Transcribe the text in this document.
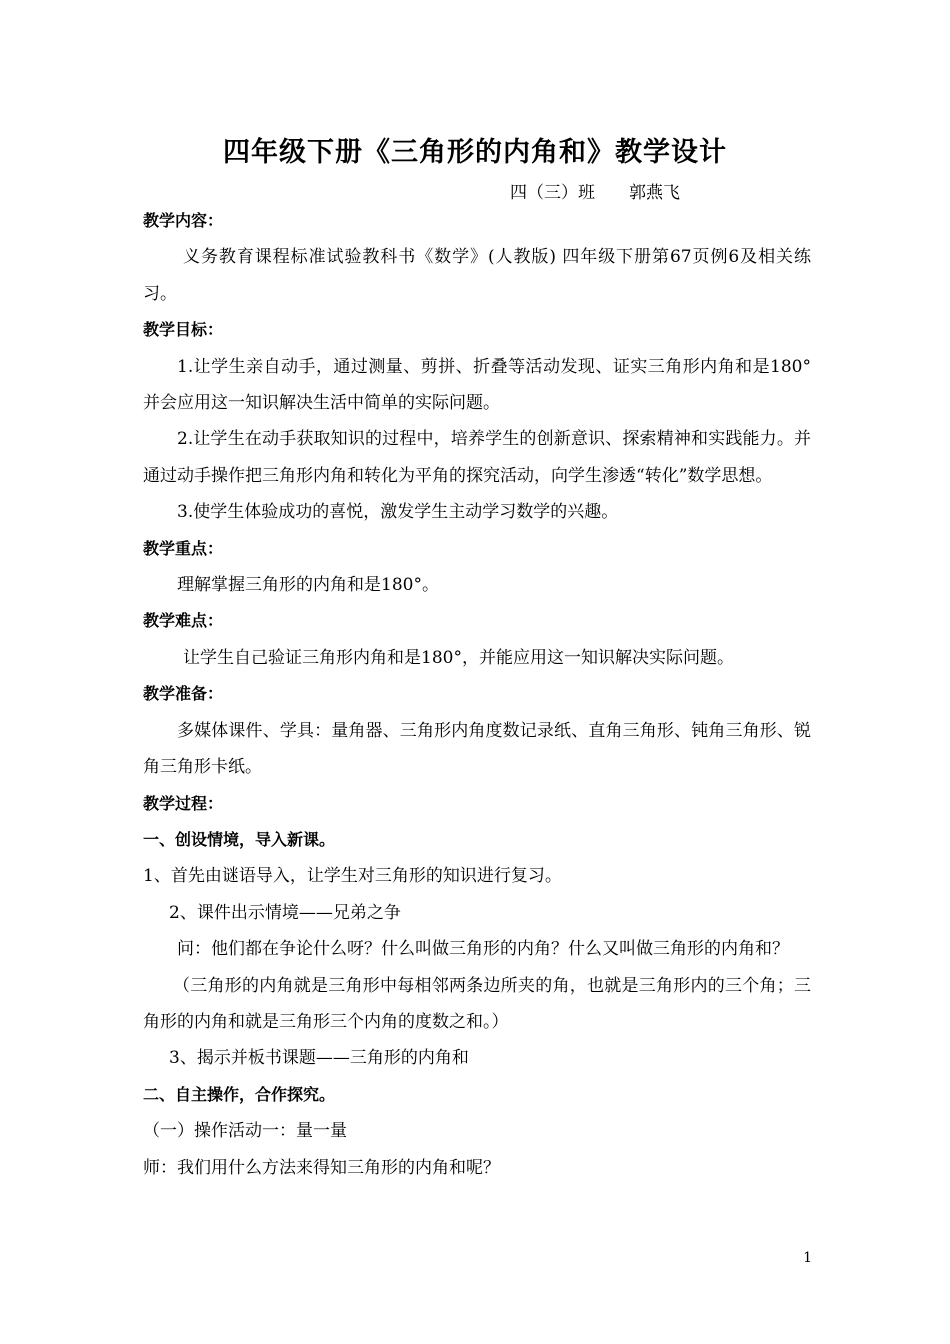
四年级下册《三角形的内角和》教学设计
四（三）班　　郭燕飞

教学内容：

义务教育课程标准试验教科书《数学》(人教版) 四年级下册第67页例6及相关练习。

教学目标：

1.让学生亲自动手，通过测量、剪拼、折叠等活动发现、证实三角形内角和是180°并会应用这一知识解决生活中简单的实际问题。

2.让学生在动手获取知识的过程中，培养学生的创新意识、探索精神和实践能力。并通过动手操作把三角形内角和转化为平角的探究活动，向学生渗透“转化”数学思想。

3.使学生体验成功的喜悦，激发学生主动学习数学的兴趣。

教学重点：

理解掌握三角形的内角和是180°。

教学难点：

让学生自己验证三角形内角和是180°，并能应用这一知识解决实际问题。

教学准备：

多媒体课件、学具：量角器、三角形内角度数记录纸、直角三角形、钝角三角形、锐角三角形卡纸。

教学过程：

一、创设情境，导入新课。

1、首先由谜语导入，让学生对三角形的知识进行复习。

2、课件出示情境——兄弟之争

问：他们都在争论什么呀？什么叫做三角形的内角？什么又叫做三角形的内角和？

（三角形的内角就是三角形中每相邻两条边所夹的角，也就是三角形内的三个角；三角形的内角和就是三角形三个内角的度数之和。）

3、揭示并板书课题——三角形的内角和

二、自主操作，合作探究。

（一）操作活动一：量一量

师：我们用什么方法来得知三角形的内角和呢？

1
